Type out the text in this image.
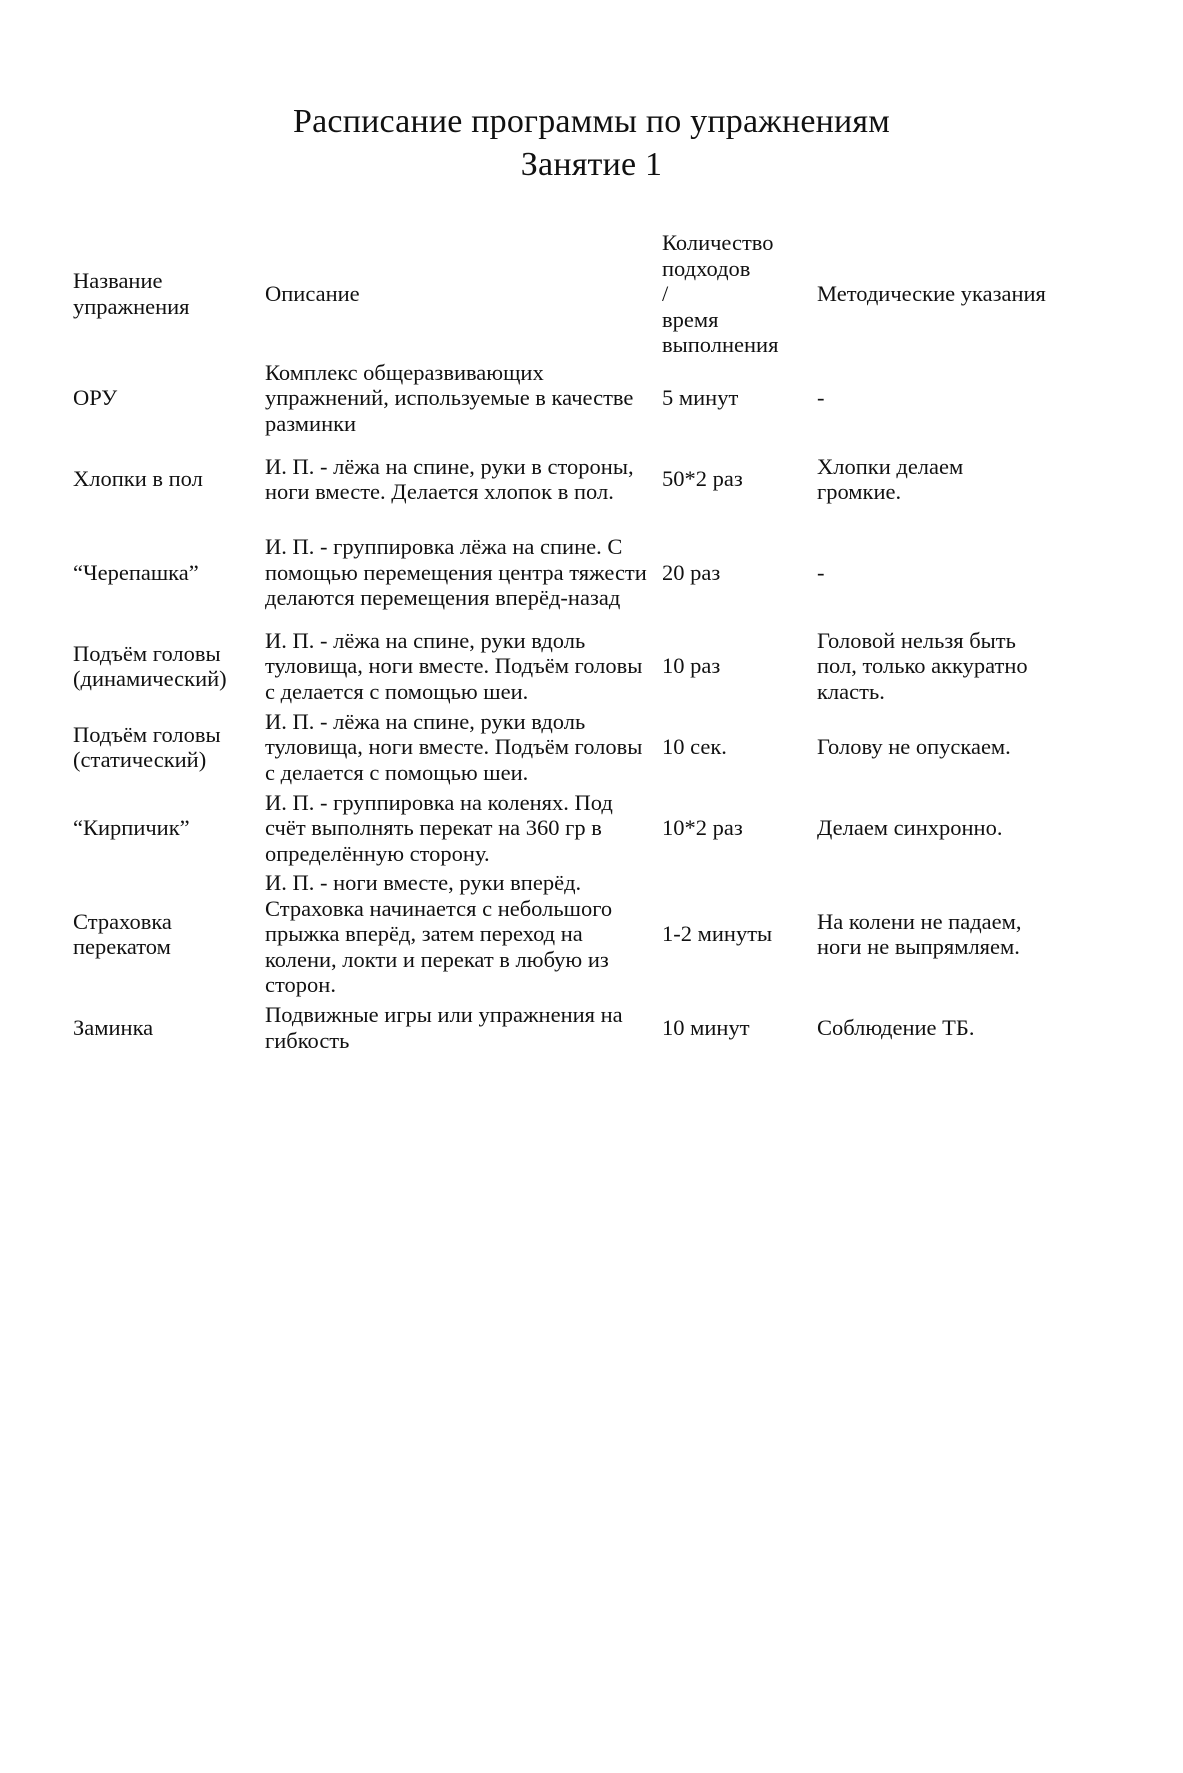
Расписание программы по упражнениям
Занятие 1
Название упражнения	Описание	Количество
подходов
/
время
выполнения	Методические указания
ОРУ	Комплекс общеразвивающих упражнений, используемые в качестве разминки	5 минут	-
Хлопки в пол	И. П. - лёжа на спине, руки в стороны, ноги вместе. Делается хлопок в пол.	50*2 раз	Хлопки делаем громкие.
“Черепашка”	И. П. - группировка лёжа на спине. С помощью перемещения центра тяжести делаются перемещения вперёд-назад	20 раз	-
Подъём головы (динамический)	И. П. - лёжа на спине, руки вдоль туловища, ноги вместе. Подъём головы с делается с помощью шеи.	10 раз	Головой нельзя быть пол, только аккуратно класть.
Подъём головы (статический)	И. П. - лёжа на спине, руки вдоль туловища, ноги вместе. Подъём головы с делается с помощью шеи.	10 сек.	Голову не опускаем.
“Кирпичик”	И. П. - группировка на коленях. Под счёт выполнять перекат на 360 гр в определённую сторону.	10*2 раз	Делаем синхронно.
Страховка перекатом	И. П. - ноги вместе, руки вперёд. Страховка начинается с небольшого прыжка вперёд, затем переход на колени, локти и перекат в любую из сторон.	1-2 минуты	На колени не падаем, ноги не выпрямляем.
Заминка	Подвижные игры или упражнения на гибкость	10 минут	Соблюдение ТБ.
